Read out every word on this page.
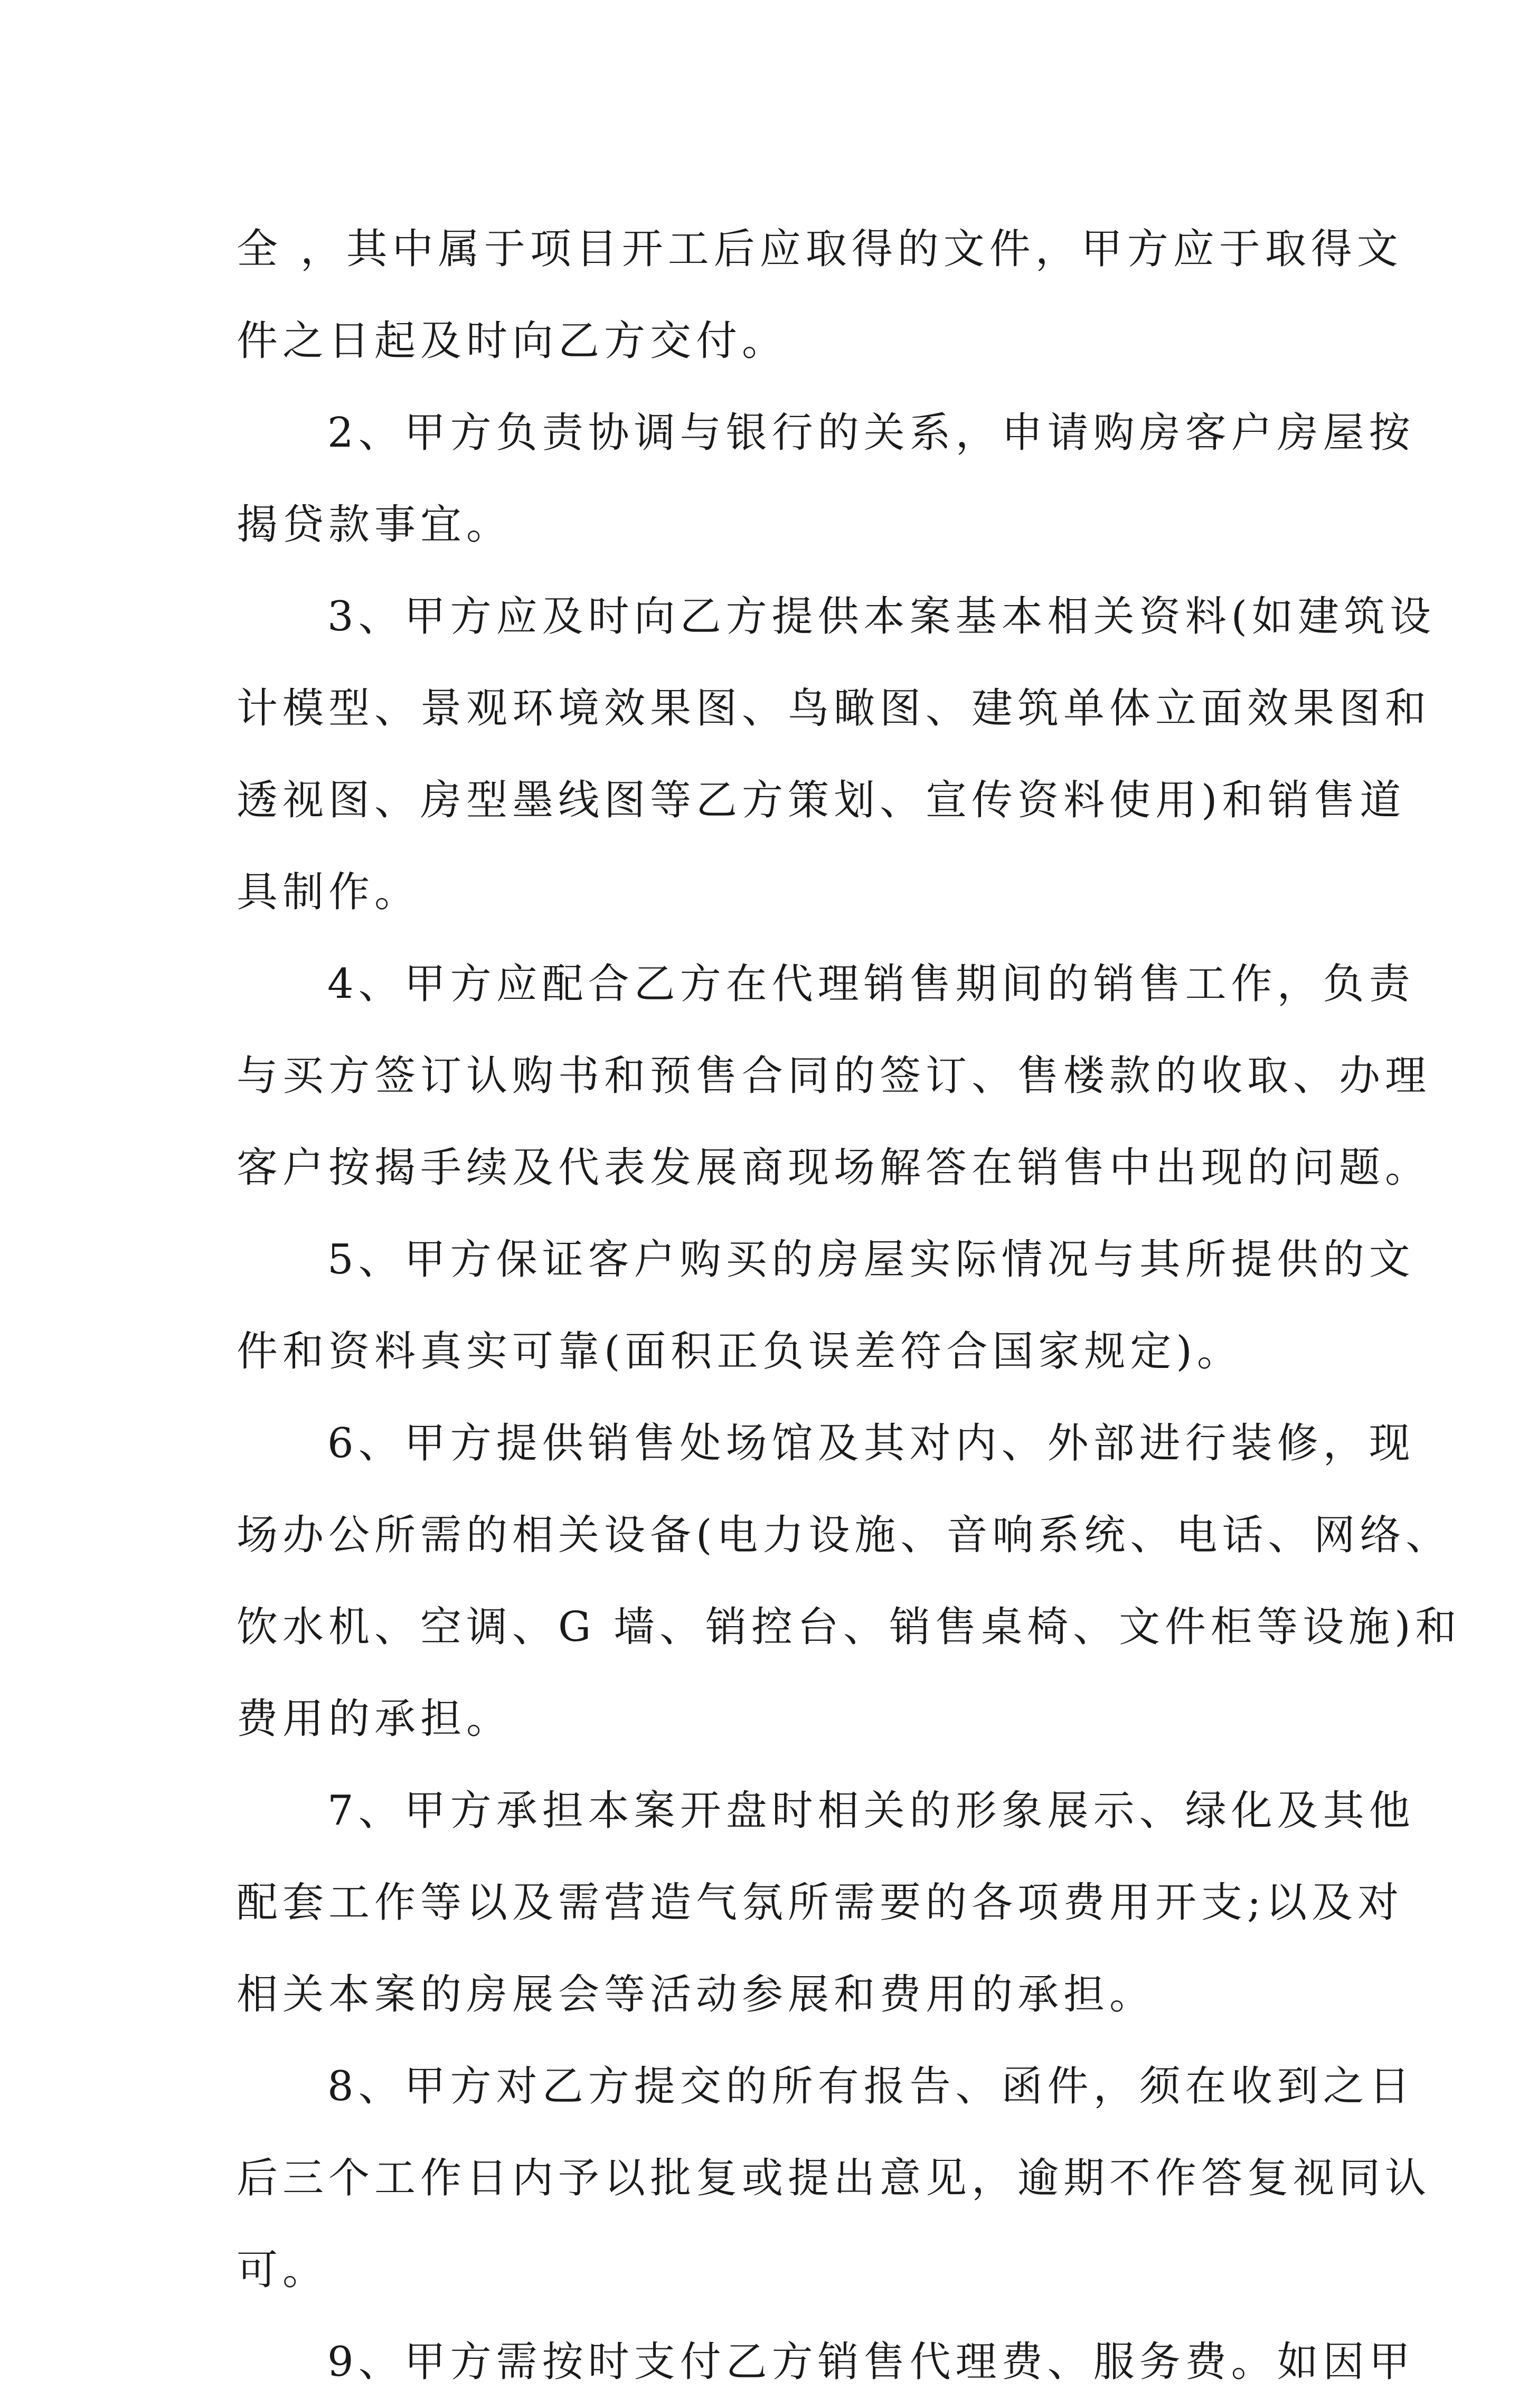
全 ，其中属于项目开工后应取得的文件，甲方应于取得文
件之日起及时向乙方交付。
2、甲方负责协调与银行的关系，申请购房客户房屋按
揭贷款事宜。
3、甲方应及时向乙方提供本案基本相关资料(如建筑设
计模型、景观环境效果图、鸟瞰图、建筑单体立面效果图和
透视图、房型墨线图等乙方策划、宣传资料使用)和销售道
具制作。
4、甲方应配合乙方在代理销售期间的销售工作，负责
与买方签订认购书和预售合同的签订、售楼款的收取、办理
客户按揭手续及代表发展商现场解答在销售中出现的问题。
5、甲方保证客户购买的房屋实际情况与其所提供的文
件和资料真实可靠(面积正负误差符合国家规定)。
6、甲方提供销售处场馆及其对内、外部进行装修，现
场办公所需的相关设备(电力设施、音响系统、电话、网络、
饮水机、空调、G 墙、销控台、销售桌椅、文件柜等设施)和
费用的承担。
7、甲方承担本案开盘时相关的形象展示、绿化及其他
配套工作等以及需营造气氛所需要的各项费用开支;以及对
相关本案的房展会等活动参展和费用的承担。
8、甲方对乙方提交的所有报告、函件，须在收到之日
后三个工作日内予以批复或提出意见，逾期不作答复视同认
可。
9、甲方需按时支付乙方销售代理费、服务费。如因甲
